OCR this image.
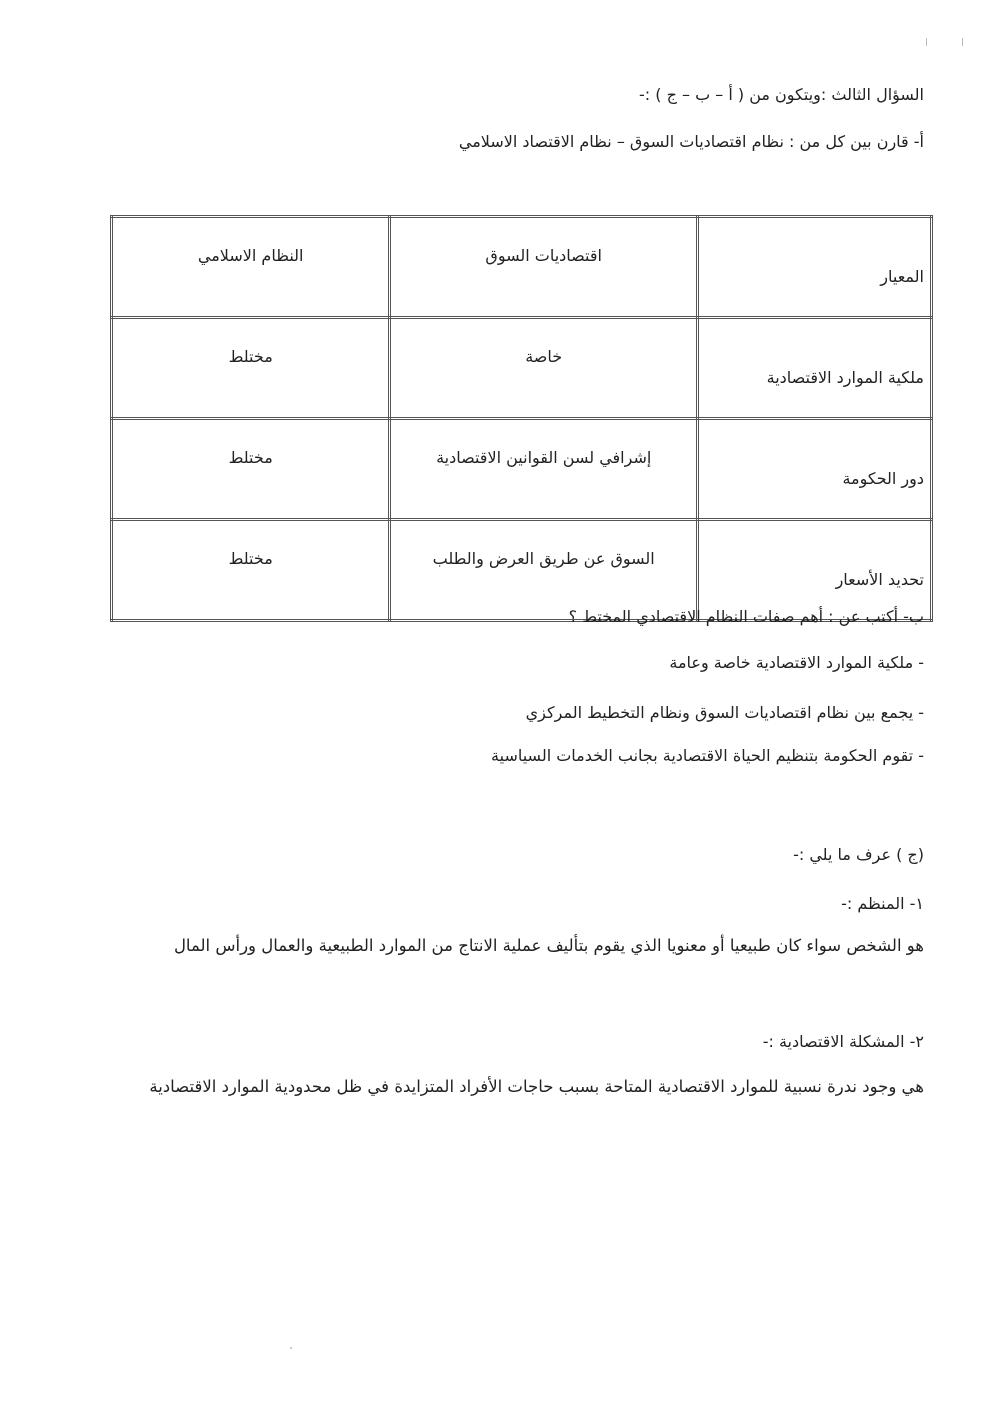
السؤال الثالث :ويتكون من ( أ – ب – ج ) :-
أ- قارن بين كل من : نظام اقتصاديات السوق – نظام الاقتصاد الاسلامي
المعيار	اقتصاديات السوق	النظام الاسلامي
ملكية الموارد الاقتصادية	خاصة	مختلط
دور الحكومة	إشرافي لسن القوانين الاقتصادية	مختلط
تحديد الأسعار	السوق عن طريق العرض والطلب	مختلط
ب- أكتب عن : أهم صفات النظام الاقتصادي المختط ؟
- ملكية الموارد الاقتصادية خاصة وعامة
- يجمع بين نظام اقتصاديات السوق ونظام التخطيط المركزي
- تقوم الحكومة بتنظيم الحياة الاقتصادية بجانب الخدمات السياسية
(ج ) عرف ما يلي :-
١- المنظم :-
هو الشخص سواء كان طبيعيا أو معنويا الذي يقوم بتأليف عملية الانتاج من الموارد الطبيعية والعمال ورأس المال
٢- المشكلة الاقتصادية :-
هي وجود ندرة نسبية للموارد الاقتصادية المتاحة بسبب حاجات الأفراد المتزايدة في ظل محدودية الموارد الاقتصادية
